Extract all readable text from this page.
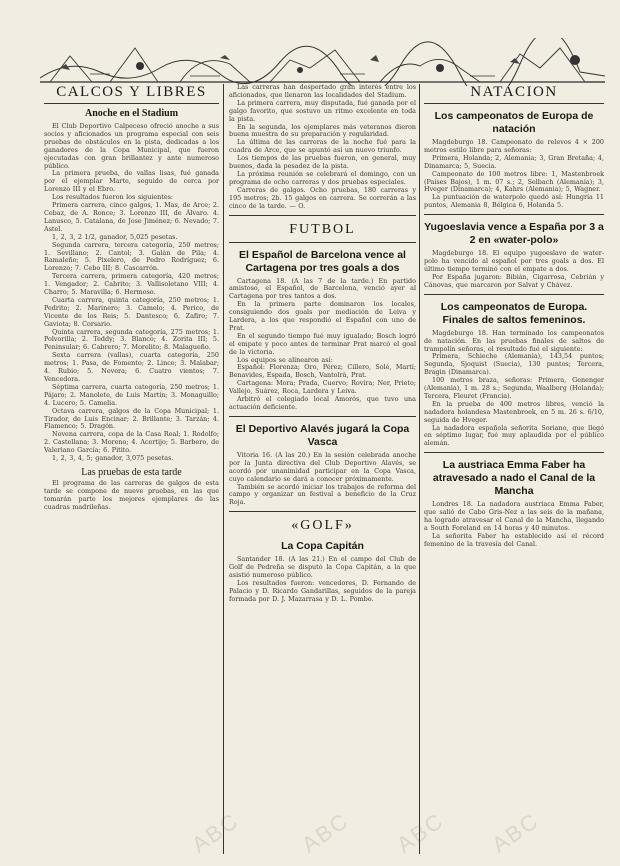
CALCOS Y LIBRES
Anoche en el Stadium

El Club Deportivo Calpeceso ofreció anoche a sus socios y aficionados un programa especial con seis pruebas de obstáculos en la pista, dedicadas a los ganadores de la Copa Municipal, que fueron ejecutadas con gran brillantez y ante numeroso público.

La primera prueba, de vallas lisas, fué ganada por el ejemplar Marte, seguido de cerca por Lorenzo III y el Ebro.

Los resultados fueron los siguientes:

Primera carrera, cinco galgos, 1. Mas, de Arce; 2. Cebaz, de A. Ronce; 3. Lorenzo III, de Álvaro. 4. Lanusco, 5. Catalana, de Jose Jiménez; 6. Nevado; 7. Astel.

1, 2, 3, 2 1/2, ganador, 5,025 pesetas.

Segunda carrera, tercera categoría, 250 metros; 1. Sevillano; 2. Cantol; 3. Galán de Pila; 4. Ramaleño; 5. Pixelero, de Pedro Rodríguez; 6. Lorenzo; 7. Cebo III; 8. Cascarrón.

Tercera carrera, primera categoría, 420 metros; 1. Vengador; 2. Cabrito; 3. Vallisoletano VIII; 4. Charro; 5. Maravilla; 6. Hermoso.

Cuarta carrera, quinta categoría, 250 metros; 1. Pedrito; 2. Marinero; 3. Camelo; 4. Perico, de Vicente de los Reis; 5. Dantesco; 6. Zafiro; 7. Gaviota; 8. Corsario.

Quinta carrera, segunda categoría, 275 metros; 1. Polvorilla; 2. Teddy; 3. Blanco; 4. Zorita III; 5. Peninsular; 6. Cabrero; 7. Morelito; 8. Malagueño.

Sexta carrera (vallas), cuarta categoría, 250 metros; 1. Pasa, de Fomento; 2. Lince; 3. Malabar; 4. Rubio; 5. Nevera; 6. Cuatro vientos; 7. Vencedora.

Séptima carrera, cuarta categoría, 250 metros; 1. Pájaro; 2. Manolete, de Luis Martín; 3. Monaguillo; 4. Lucero; 5. Camelia.

Octava carrera, galgos de la Copa Municipal; 1. Tirador, de Luis Encinar; 2. Brillante; 3. Tarzán; 4. Flamenco; 5. Dragón.

Novena carrera, copa de la Casa Real; 1. Rodolfo; 2. Castellana; 3. Moreno; 4. Acertijo; 5. Barbero, de Valeriano García; 6. Pitito.

1, 2, 3, 4, 5; ganador, 3,075 pesetas.

Las pruebas de esta tarde

El programa de las carreras de galgos de esta tarde se compone de nueve pruebas, en las que tomarán parte los mejores ejemplares de las cuadras madrileñas.

Las carreras han despertado gran interés entre los aficionados, que llenaron las localidades del Stadium.

La primera carrera, muy disputada, fué ganada por el galgo favorito, que sostuvo un ritmo excelente en toda la pista.

En la segunda, los ejemplares más veteranos dieron buena muestra de su preparación y regularidad.

La última de las carreras de la noche fué para la cuadra de Arce, que se apuntó así un nuevo triunfo.

Los tiempos de las pruebas fueron, en general, muy buenos, dada la pesadez de la pista.

La próxima reunión se celebrará el domingo, con un programa de ocho carreras y dos pruebas especiales.

Carreras de galgos. Ocho pruebas, 180 carreras y 195 metros; 2b. 15 galgos en carrera. Se correrán a las cinco de la tarde. — O.

FUTBOL
El Español de Barcelona vence al Cartagena por tres goals a dos

Cartagena 18. (A las 7 de la tarde.) En partido amistoso, el Español, de Barcelona, venció ayer al Cartagena por tres tantos a dos.

En la primera parte dominaron los locales, consiguiendo dos goals por mediación de Leiva y Lardera, a los que respondió el Español con uno de Prat.

En el segundo tiempo fué muy igualado; Bosch logró el empate y poco antes de terminar Prat marcó el goal de la victoria.

Los equipos se alinearon así:

Español: Florenza; Oro, Pérez; Cillero, Solé, Martí; Benavides, Espada, Bosch, Vantolrà, Prat.

Cartagena: Mora; Prada, Cuervo; Rovira; Ner, Prieto; Vallejo, Suárez, Roca, Lardera y Leiva.

Arbitró el colegiado local Amorós, que tuvo una actuación deficiente.

El Deportivo Alavés jugará la Copa Vasca

Vitoria 16. (A las 20.) En la sesión celebrada anoche por la Junta directiva del Club Deportivo Alavés, se acordó por unanimidad participar en la Copa Vasca, cuyo calendario se dará a conocer próximamente.

También se acordó iniciar los trabajos de reforma del campo y organizar un festival a beneficio de la Cruz Roja.

«GOLF»
La Copa Capitán

Santander 18. (A las 21.) En el campo del Club de Golf de Pedreña se disputó la Copa Capitán, a la que asistió numeroso público.

Los resultados fueron: vencedores, D. Fernando de Palacio y D. Ricardo Gandarillas, seguidos de la pareja formada por D. J. Mazarrasa y D. L. Pombo.

NATACION
Los campeonatos de Europa de natación

Magdeburgo 18. Campeonato de relevos 4 × 200 metros estilo libre para señoras:

Primera, Holanda; 2, Alemania; 3, Gran Bretaña; 4, Dinamarca; 5, Suecia.

Campeonato de 100 metros libre: 1, Mastenbroek (Países Bajos), 1 m. 07 s.; 2, Selbach (Alemania); 3, Hveger (Dinamarca); 4, Kahrs (Alemania); 5, Wagner.

La puntuación de waterpolo quedó así: Hungría 11 puntos, Alemania 8, Bélgica 6, Holanda 5.

Yugoeslavia vence a España por 3 a 2 en «water-polo»

Magdeburgo 18. El equipo yugoeslavo de water-polo ha vencido al español por tres goals a dos. El último tiempo terminó con el empate a dos.

Por España jugaron: Bibián, Cigarrosa, Cebrián y Cánovas, que marcaron por Salvat y Chávez.

Los campeonatos de Europa. Finales de saltos femeninos.

Magdeburgo 18. Han terminado los campeonatos de natación. En las pruebas finales de saltos de trampolín señoras, el resultado fué el siguiente:

Primera, Schieche (Alemania), 143,54 puntos; Segunda, Sjoquist (Suecia), 130 puntos; Tercera, Bragin (Dinamarca).

100 metros braza, señoras: Primera, Genenger (Alemania), 1 m. 28 s.; Segunda, Waalberg (Holanda); Tercera, Fleuret (Francia).

En la prueba de 400 metros libres, venció la nadadora holandesa Mastenbroek, en 5 m. 26 s. 6/10, seguida de Hveger.

La nadadora española señorita Soriano, que llegó en séptimo lugar, fué muy aplaudida por el público alemán.

La austriaca Emma Faber ha atravesado a nado el Canal de la Mancha

Londres 18. La nadadora austriaca Emma Faber, que salió de Cabo Gris-Nez a las seis de la mañana, ha logrado atravesar el Canal de la Mancha, llegando a South Foreland en 14 horas y 40 minutos.

La señorita Faber ha establecido así el récord femenino de la travesía del Canal.

ABC ABC ABC ABC
